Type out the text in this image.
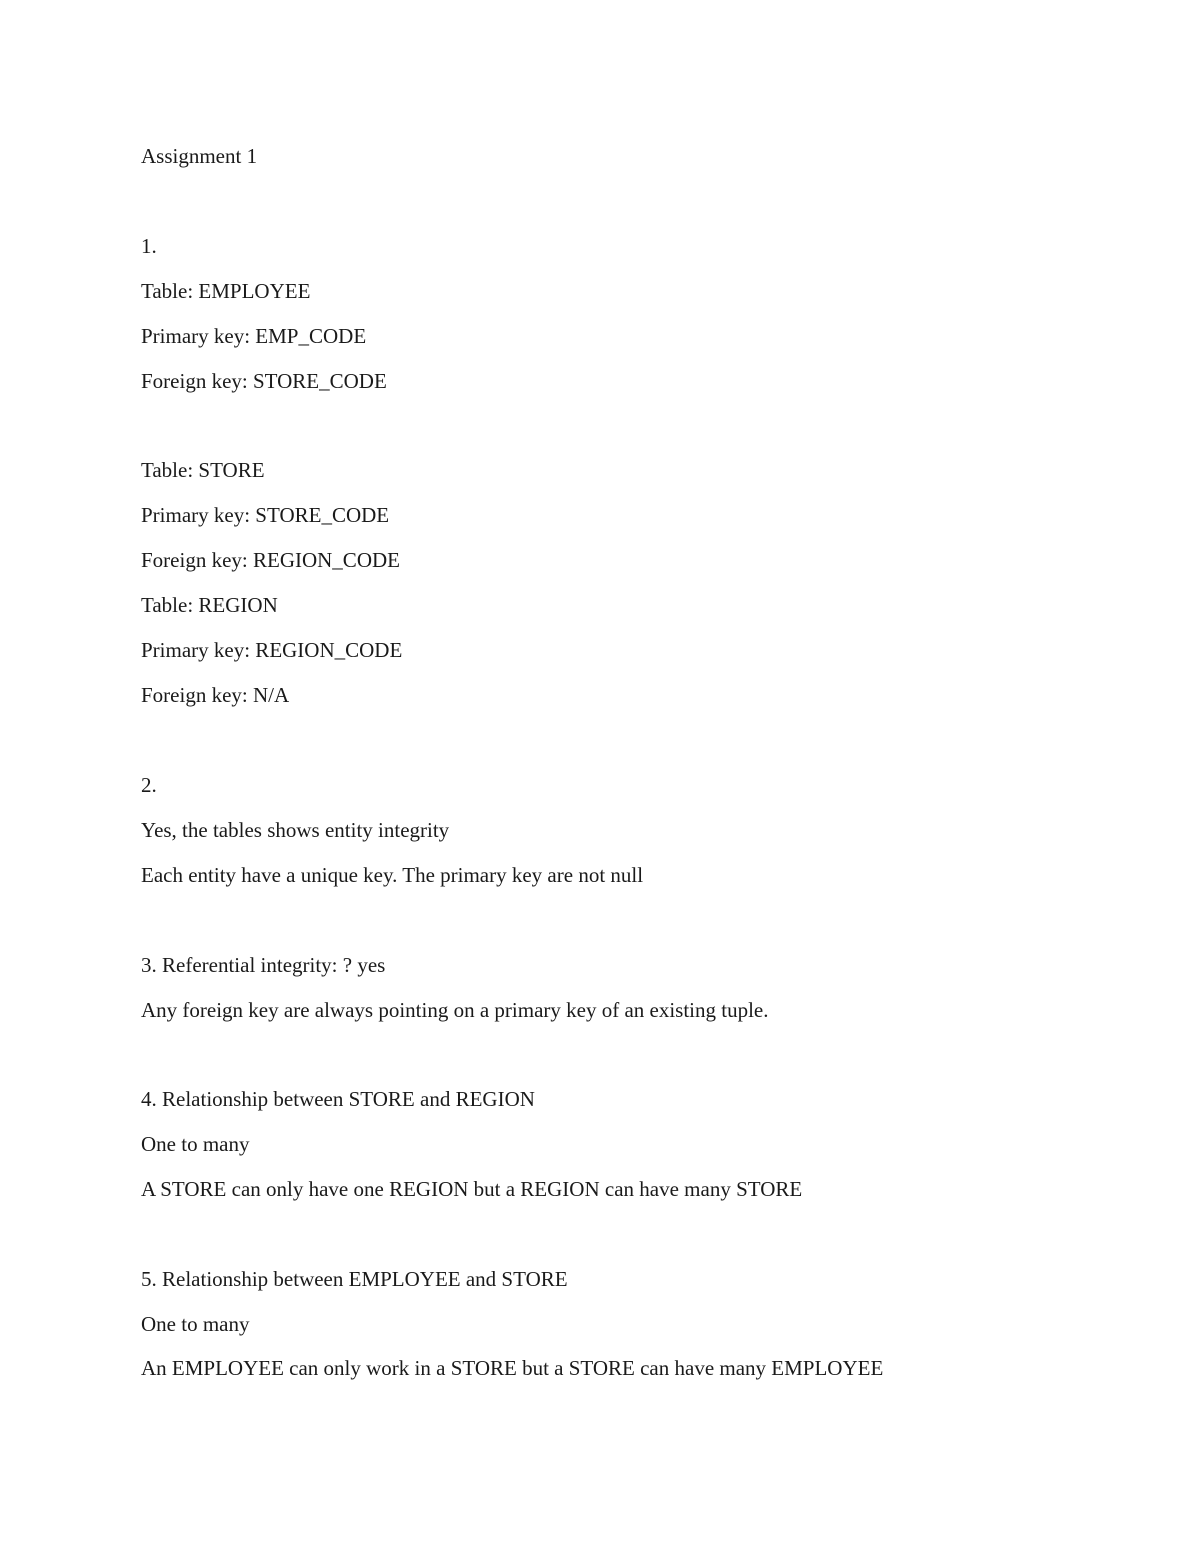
Assignment 1

1.

Table: EMPLOYEE

Primary key: EMP_CODE

Foreign key: STORE_CODE

Table: STORE

Primary key: STORE_CODE

Foreign key: REGION_CODE

Table: REGION

Primary key: REGION_CODE

Foreign key: N/A

2.

Yes, the tables shows entity integrity

Each entity have a unique key. The primary key are not null

3. Referential integrity: ? yes

Any foreign key are always pointing on a primary key of an existing tuple.

4. Relationship between STORE and REGION

One to many

A STORE can only have one REGION but a REGION can have many STORE

5. Relationship between EMPLOYEE and STORE

One to many

An EMPLOYEE can only work in a STORE but a STORE can have many EMPLOYEE
